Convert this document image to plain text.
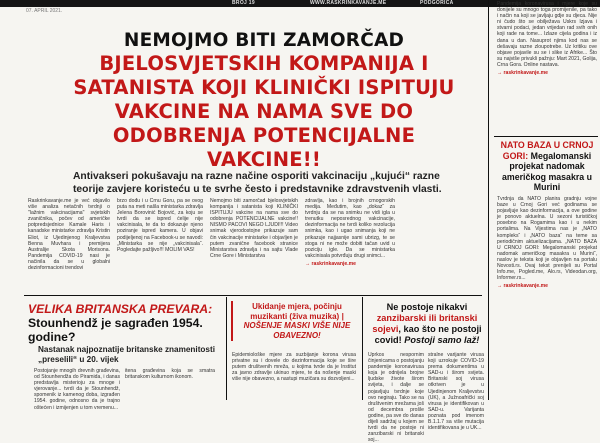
BROJ 19	WWW.RASKRINKAVANJE.ME	PODGORICA
07. APRIL 2021.
NEMOJMO BITI ZAMORČAD
BJELOSVJETSKIH KOMPANIJA I SATANISTA KOJI KLINIČKI ISPITUJU VAKCINE NA NAMA SVE DO ODOBRENJA POTENCIJALNE VAKCINE!!
Antivakseri pokušavaju na razne načine osporiti vakcinaciju „kujući“ razne teorije zavjere koristeću u te svrhe često i predstavnike zdravstvenih vlasti.

Raskrinkavanje.me je već objavilo više analiza netačnih tvrdnji o "lažnim vakcinacijama" svjetskih zvaničnika, počev od američke potpredsjednice Kamale Haris i kanadske ministarke zdravlja Kristin Eliot, iz Ujedinjenog Kraljevstva Benna Muvhara i premijera Australije Skota Morisona. Pandemija COVID-19 nasi je načinila da se u globalni dezinformacioni trendovi

brzo dođu i u Crnu Goru, pa se ovog puta na meti našla ministarka zdravlja Jelena Borovinić Bojović, za koju se tvrdi da se ispred ćelije nije vakcinisala, te da to dokazuje njeno poziranje ispred kamera. U objavi podijeljenoj na Facebook-u se navodi: „Ministarka se nije „vakcinisala“. Pogledajte pažljivo!!! MOLIM VAS!

Nemojmo biti zamorčad bjelosvjetskih kompanija i satanista koji KLINIČKI ISPITUJU vakcine na nama sve do odobrenja POTENCIJALNE vakcine!! NISMO PACOVI NEGO LJUDI!!! Video snimak vjerodostojne prikazuje sam čin vakcinacije ministarke i objavljen je putem zvanične facebook stranice Ministarstva zdravlja i na sajtu Vlade Crne Gore i Ministarstva

zdravlja, kao i brojnih crnogorskih medija. Međutim, kao „dokaz“ za tvrdnju da se na snimku ne vidi igla u trenutku neposrednog vakcinacije, dezinformacija ne tvrdi koliko rezolucija snimka, kao i ugao snimanja koji ne prikazuje najjasnije sami ubrizg, te se stoga ni ne može dobiti tačan uvid u poziciju igle. Da se ministarka vakcinisala potvrđuju drugi snimci...

→ raskrinkavanje.me

Pandemija koronavirusa i mjere koje su donijele su mnogo toga promijenile, pa tako i način na koji se javljaju gdje su djeca. Nije ni čudo što se obilježava Uskrs Izjava i stvarni podaci, jedan vrijedan rad svih onih koji rade na tome... Izlaze cijela godina i iz dana u dan. Nasuprot njima kod nas se dešavaju razne zloupotrebe. Uz kritiku ove objave pojavile su se i slike iz Afrike... Što su najviše privukli pažnju: Mart 2021, Golija, Crna Gora. Online nastava.

→ raskrinkavanje.me

NATO BAZA U CRNOJ GORI: Megalomanski projekat nadomak američkog masakra u Murini

Tvrdnja da NATO planira gradnju vojne baze u Crnoj Gori već godinama se pojavljuje kao dezinformacija, a ove godine je ponovo aktuelna. U sezoni turističkoj posebno na Rogamima kao i u nekim portalima. Na Vijestima nas je „NATO kompleks“ i „NATO baza“ na teme sa periodičnim aktuelizacijama. „NATO BAZA U CRNOJ GORI: Megalomanski projekat nadomak američkog masakra u Murini“, naslov je teksta koji je objavljen na portalu Novosti.rs. Ovaj tekst prenijeli su Portal Info.me, Pogled.me, Alo.rs, Videodan.org, Informer.rs...

→ raskrinkavanje.me

VELIKA BRITANSKA PREVARA: Stounhendž je sagrađen 1954. godine?
Nastanak najpoznatije britanske znamenitosti „preselili“ u 20. vijek

Postojanje mnogih drevnih građevina, od Stounhendža do Piramida, i danas predstavlja misterioju za mnoge i vjerovanje... tvrdi da je Stounhendž, spomenik iz kamenog doba, izgrađen 1954. godine, odnosno da je trajno oštećen i izmijenjen u tom vremenu...

itena građevina koja se smatra britanskom kulturnom ikonom.

Ukidanje mjera, počinju muzikanti (živa muzika) | NOŠENJE MASKI VIŠE NIJE OBAVEZNO!

Epidemiološke mjere za suzbijanje korona virusa privatne su i dovele do dezinformacija koje se šire putem društvenih mreža, u kojima tvrde da je Institut za javno zdravlje ukinuo mjere, te da nošenje maski više nije obavezno, a nastupi muzičara su dozvoljeni...

Ne postoje nikakvi zanzibarski ili britanski sojevi, kao što ne postoji covid! Postoji samo laž!

Uprkos nespornim činjenicama o postojanju pandemije koronavirusa koja je odnijela brojne ljudske živote širom svijeta, i dalje se pojavljuju tvrdnje koje ovo negiraju. Tako se na društvenim mrežama još od decembra prošle godine, pa sve do danas dijeli sadržaj u kojem se tvrdi da ne postoje ni zanzibarski ni britanski soj...

stralne varijante virusa koji uzrokuje COVID-19 prema dokumentima u SAD-u i širom svijeta. Britanski soj virusa otkriven je u Ujedinjenom Kraljevstvu (UK), a Južnoafrički soj virusa je identifikovan u SAD-u. Varijanta poznata pod imenom B.1.1.7 sa više mutacija identifikovana je u UK...
